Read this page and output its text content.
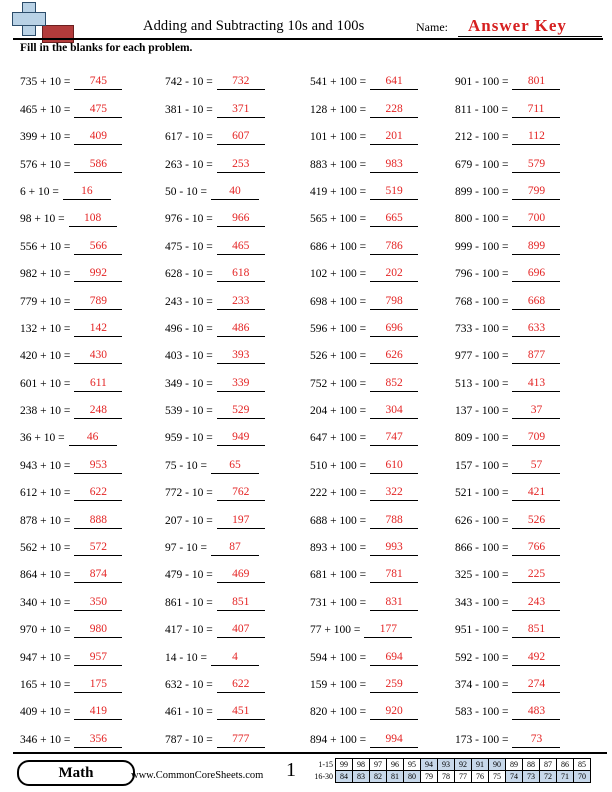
Adding and Subtracting 10s and 100s	Name: Answer Key
Fill in the blanks for each problem.
735 + 10 =	745	742 - 10 =	732	541 + 100 =	641	901 - 100 =	801
465 + 10 =	475	381 - 10 =	371	128 + 100 =	228	811 - 100 =	711
399 + 10 =	409	617 - 10 =	607	101 + 100 =	201	212 - 100 =	112
576 + 10 =	586	263 - 10 =	253	883 + 100 =	983	679 - 100 =	579
6 + 10 =	16	50 - 10 =	40	419 + 100 =	519	899 - 100 =	799
98 + 10 =	108	976 - 10 =	966	565 + 100 =	665	800 - 100 =	700
556 + 10 =	566	475 - 10 =	465	686 + 100 =	786	999 - 100 =	899
982 + 10 =	992	628 - 10 =	618	102 + 100 =	202	796 - 100 =	696
779 + 10 =	789	243 - 10 =	233	698 + 100 =	798	768 - 100 =	668
132 + 10 =	142	496 - 10 =	486	596 + 100 =	696	733 - 100 =	633
420 + 10 =	430	403 - 10 =	393	526 + 100 =	626	977 - 100 =	877
601 + 10 =	611	349 - 10 =	339	752 + 100 =	852	513 - 100 =	413
238 + 10 =	248	539 - 10 =	529	204 + 100 =	304	137 - 100 =	37
36 + 10 =	46	959 - 10 =	949	647 + 100 =	747	809 - 100 =	709
943 + 10 =	953	75 - 10 =	65	510 + 100 =	610	157 - 100 =	57
612 + 10 =	622	772 - 10 =	762	222 + 100 =	322	521 - 100 =	421
878 + 10 =	888	207 - 10 =	197	688 + 100 =	788	626 - 100 =	526
562 + 10 =	572	97 - 10 =	87	893 + 100 =	993	866 - 100 =	766
864 + 10 =	874	479 - 10 =	469	681 + 100 =	781	325 - 100 =	225
340 + 10 =	350	861 - 10 =	851	731 + 100 =	831	343 - 100 =	243
970 + 10 =	980	417 - 10 =	407	77 + 100 =	177	951 - 100 =	851
947 + 10 =	957	14 - 10 =	4	594 + 100 =	694	592 - 100 =	492
165 + 10 =	175	632 - 10 =	622	159 + 100 =	259	374 - 100 =	274
409 + 10 =	419	461 - 10 =	451	820 + 100 =	920	583 - 100 =	483
346 + 10 =	356	787 - 10 =	777	894 + 100 =	994	173 - 100 =	73
Math	www.CommonCoreSheets.com 1	1-15	99	98	97	96	95	94	93	92	91	90	89	88	87	86	85
16-30	84	83	82	81	80	79	78	77	76	75	74	73	72	71	70
